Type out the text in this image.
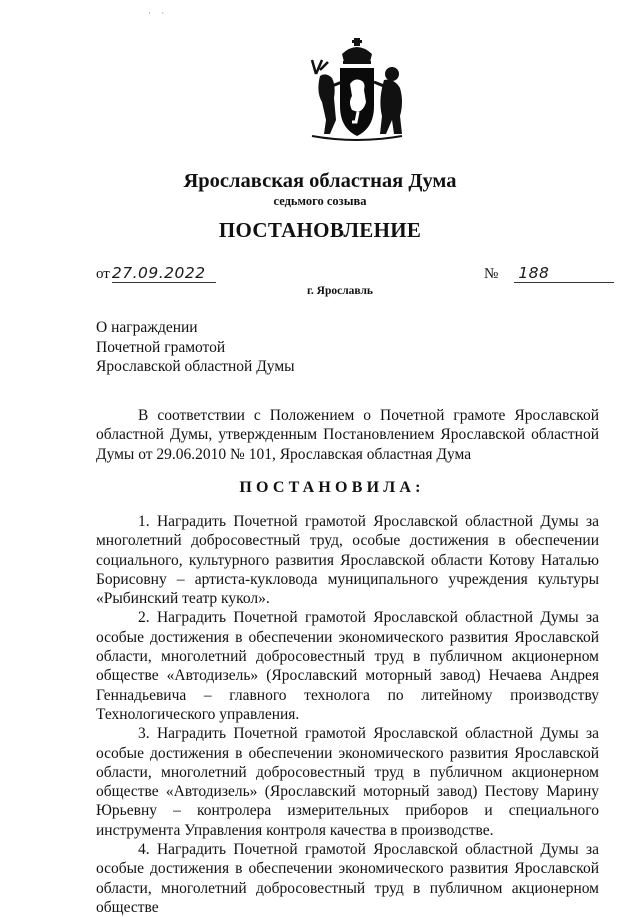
· ·
Ярославская областная Дума
седьмого созыва
ПОСТАНОВЛЕНИЕ
от 27.09.2022	№ 188
г. Ярославль
О награждении
Почетной грамотой
Ярославской областной Думы

В соответствии с Положением о Почетной грамоте Ярославской областной Думы, утвержденным Постановлением Ярославской областной Думы от 29.06.2010 № 101, Ярославская областная Дума

ПОСТАНОВИЛА:

1. Наградить Почетной грамотой Ярославской областной Думы за многолетний добросовестный труд, особые достижения в обеспечении социального, культурного развития Ярославской области Котову Наталью Борисовну – артиста-кукловода муниципального учреждения культуры «Рыбинский театр кукол».

2. Наградить Почетной грамотой Ярославской областной Думы за особые достижения в обеспечении экономического развития Ярославской области, многолетний добросовестный труд в публичном акционерном обществе «Автодизель» (Ярославский моторный завод) Нечаева Андрея Геннадьевича – главного технолога по литейному производству Технологического управления.

3. Наградить Почетной грамотой Ярославской областной Думы за особые достижения в обеспечении экономического развития Ярославской области, многолетний добросовестный труд в публичном акционерном обществе «Автодизель» (Ярославский моторный завод) Пестову Марину Юрьевну – контролера измерительных приборов и специального инструмента Управления контроля качества в производстве.

4. Наградить Почетной грамотой Ярославской областной Думы за особые достижения в обеспечении экономического развития Ярославской области, многолетний добросовестный труд в публичном акционерном обществе
